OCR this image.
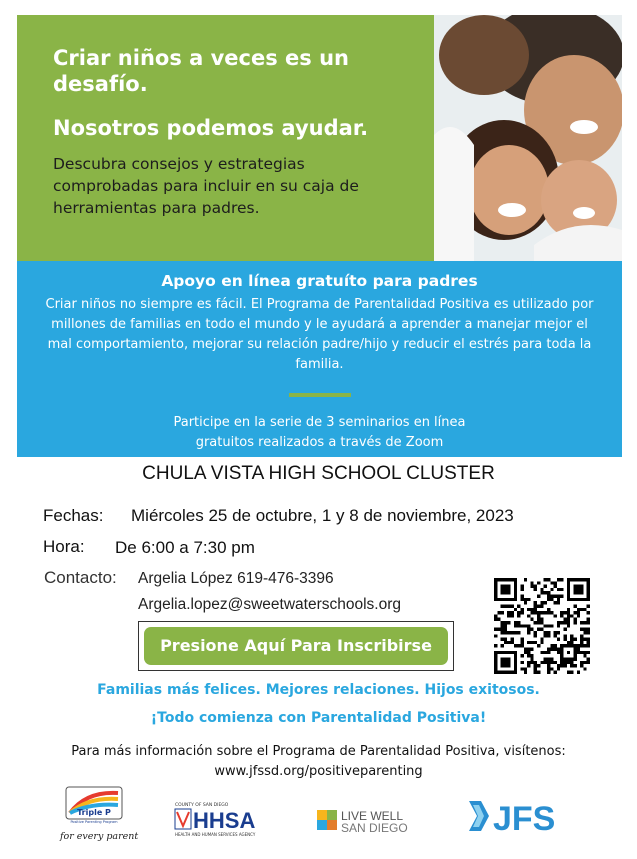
Criar niños a veces es un desafío.
Nosotros podemos ayudar.
Descubra consejos y estrategias comprobadas para incluir en su caja de herramientas para padres.
Apoyo en línea gratuíto para padres
Criar niños no siempre es fácil. El Programa de Parentalidad Positiva es utilizado por millones de familias en todo el mundo y le ayudará a aprender a manejar mejor el mal comportamiento, mejorar su relación padre/hijo y reducir el estrés para toda la familia.
Participe en la serie de 3 seminarios en línea
gratuitos realizados a través de Zoom
CHULA VISTA HIGH SCHOOL CLUSTER
Fechas: Miércoles 25 de octubre, 1 y 8 de noviembre, 2023
Hora: De 6:00 a 7:30 pm
Contacto: Argelia López 619-476-3396
Argelia.lopez@sweetwaterschools.org
Presione Aquí Para Inscribirse
Familias más felices. Mejores relaciones. Hijos exitosos.
¡Todo comienza con Parentalidad Positiva!
Para más información sobre el Programa de Parentalidad Positiva, visítenos:
www.jfssd.org/positiveparenting
Triple P
Positive Parenting Program
for every parent
COUNTY OF SAN DIEGO
HHSA
HEALTH AND HUMAN SERVICES AGENCY
LIVE WELL
SAN DIEGO	JFS
